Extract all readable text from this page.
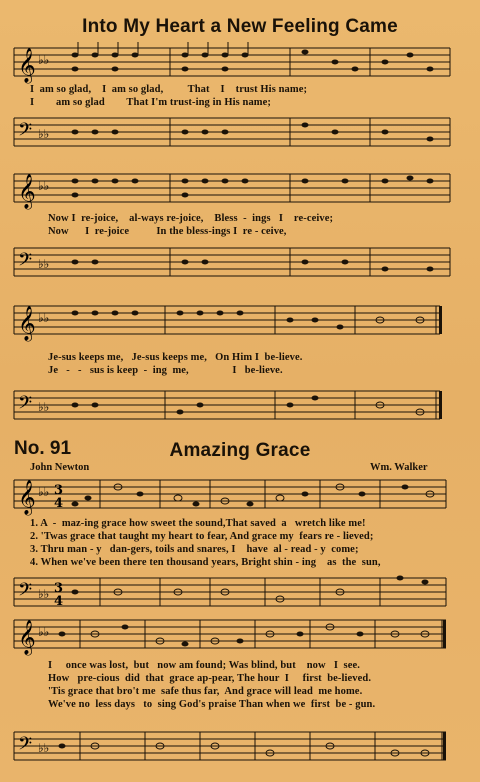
Into My Heart a New Feeling Came
𝄞 ♭♭
I  am so glad,    I  am so glad,         That    I    trust His name;
I        am so glad        That I'm trust-ing in His name;
𝄢 ♭♭
𝄞 ♭♭
Now I  re-joice,    al-ways re-joice,    Bless  -  ings   I    re-ceive;
Now      I  re-joice          In the bless-ings I  re - ceive,
𝄢 ♭♭
𝄞 ♭♭
Je-sus keeps me,   Je-sus keeps me,   On Him I  be-lieve.
Je   -   -   sus is keep  -  ing  me,                I   be-lieve.
𝄢 ♭♭
No. 91	Amazing Grace
John Newton	Wm. Walker
𝄞 ♭♭ 3
4
1. A  -  maz-ing grace how sweet the sound,That saved  a   wretch like me!
2. 'Twas grace that taught my heart to fear, And grace my  fears re - lieved;
3. Thru man - y   dan-gers, toils and snares, I    have  al - read - y  come;
4. When we've been there ten thousand years, Bright shin - ing    as  the  sun,
𝄢 ♭♭ 3
4
𝄞 ♭♭
I     once was lost,  but   now am found; Was blind, but    now   I  see.
How   pre-cious  did  that  grace ap-pear, The hour  I     first  be-lieved.
'Tis grace that bro't me  safe thus far,  And grace will lead  me home.
We've no  less days   to  sing God's praise Than when we  first  be - gun.
𝄢 ♭♭
